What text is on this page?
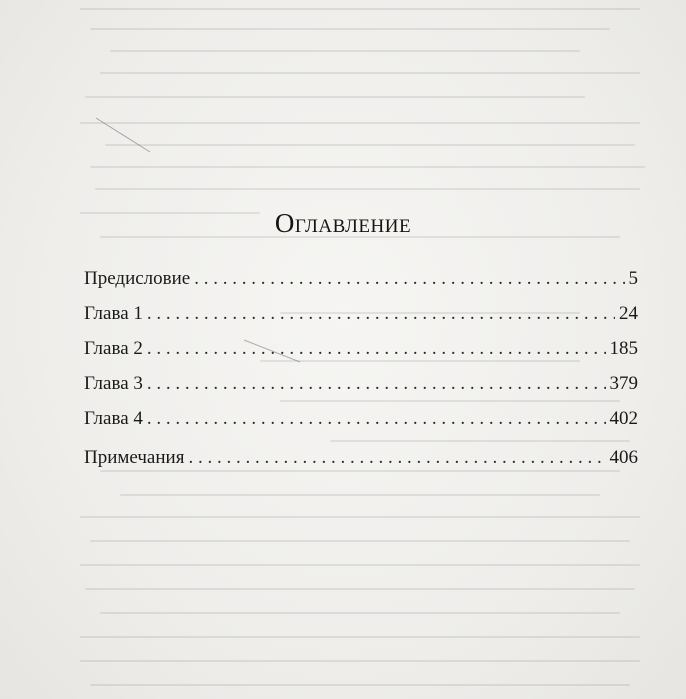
Оглавление
Предисловие . . .	5
Глава 1 . . .	24
Глава 2 . . .	185
Глава 3 . . .	379
Глава 4 . . .	402
Примечания . . .	406
